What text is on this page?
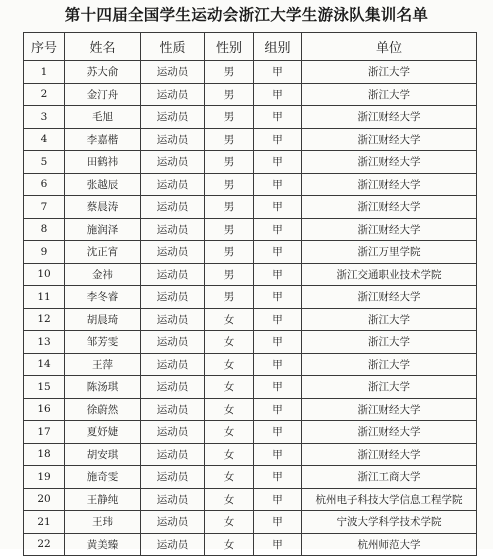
第十四届全国学生运动会浙江大学生游泳队集训名单
序号	姓名	性质	性别	组别	单位
1	苏大俞	运动员	男	甲	浙江大学
2	金汀舟	运动员	男	甲	浙江大学
3	毛旭	运动员	男	甲	浙江财经大学
4	李嘉楷	运动员	男	甲	浙江财经大学
5	田鹤祎	运动员	男	甲	浙江财经大学
6	张越辰	运动员	男	甲	浙江财经大学
7	蔡晨涛	运动员	男	甲	浙江财经大学
8	施润泽	运动员	男	甲	浙江财经大学
9	沈正宵	运动员	男	甲	浙江万里学院
10	金祎	运动员	男	甲	浙江交通职业技术学院
11	李冬睿	运动员	男	甲	浙江财经大学
12	胡晨琦	运动员	女	甲	浙江大学
13	邹芳雯	运动员	女	甲	浙江大学
14	王萍	运动员	女	甲	浙江大学
15	陈汤琪	运动员	女	甲	浙江大学
16	徐蔚然	运动员	女	甲	浙江财经大学
17	夏妤婕	运动员	女	甲	浙江财经大学
18	胡安琪	运动员	女	甲	浙江财经大学
19	施奇雯	运动员	女	甲	浙江工商大学
20	王静纯	运动员	女	甲	杭州电子科技大学信息工程学院
21	王玮	运动员	女	甲	宁波大学科学技术学院
22	黄美臻	运动员	女	甲	杭州师范大学
